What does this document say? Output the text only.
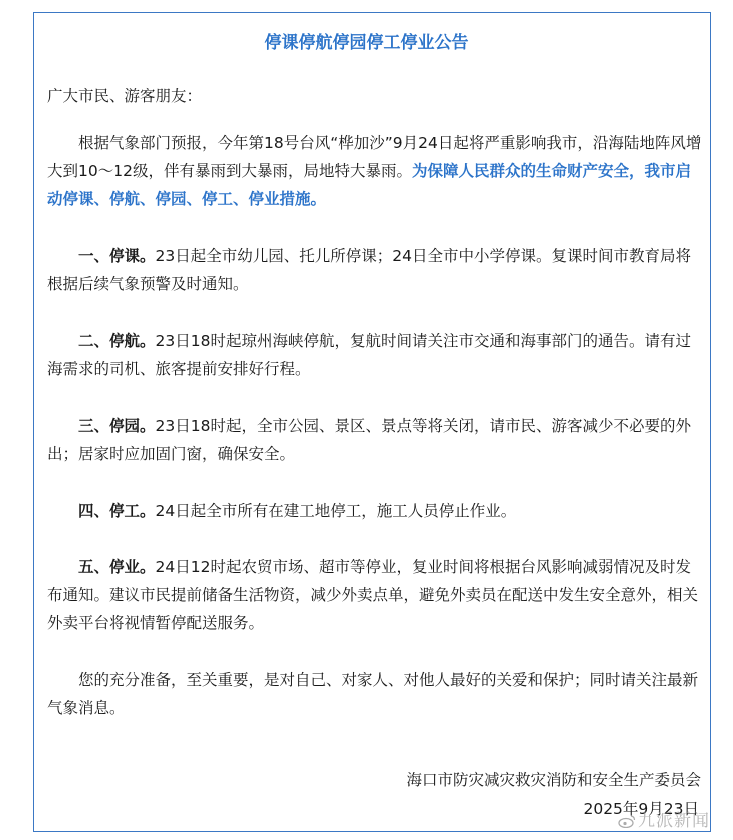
停课停航停园停工停业公告
广大市民、游客朋友：

根据气象部门预报，今年第18号台风“桦加沙”9月24日起将严重影响我市，沿海陆地阵风增大到10～12级，伴有暴雨到大暴雨，局地特大暴雨。为保障人民群众的生命财产安全，我市启动停课、停航、停园、停工、停业措施。

一、停课。23日起全市幼儿园、托儿所停课；24日全市中小学停课。复课时间市教育局将根据后续气象预警及时通知。

二、停航。23日18时起琼州海峡停航，复航时间请关注市交通和海事部门的通告。请有过海需求的司机、旅客提前安排好行程。

三、停园。23日18时起，全市公园、景区、景点等将关闭，请市民、游客减少不必要的外出；居家时应加固门窗，确保安全。

四、停工。24日起全市所有在建工地停工，施工人员停止作业。

五、停业。24日12时起农贸市场、超市等停业，复业时间将根据台风影响减弱情况及时发布通知。建议市民提前储备生活物资，减少外卖点单，避免外卖员在配送中发生安全意外，相关外卖平台将视情暂停配送服务。

您的充分准备，至关重要，是对自己、对家人、对他人最好的关爱和保护；同时请关注最新气象消息。

海口市防灾减灾救灾消防和安全生产委员会
2025年9月23日
九派新闻
